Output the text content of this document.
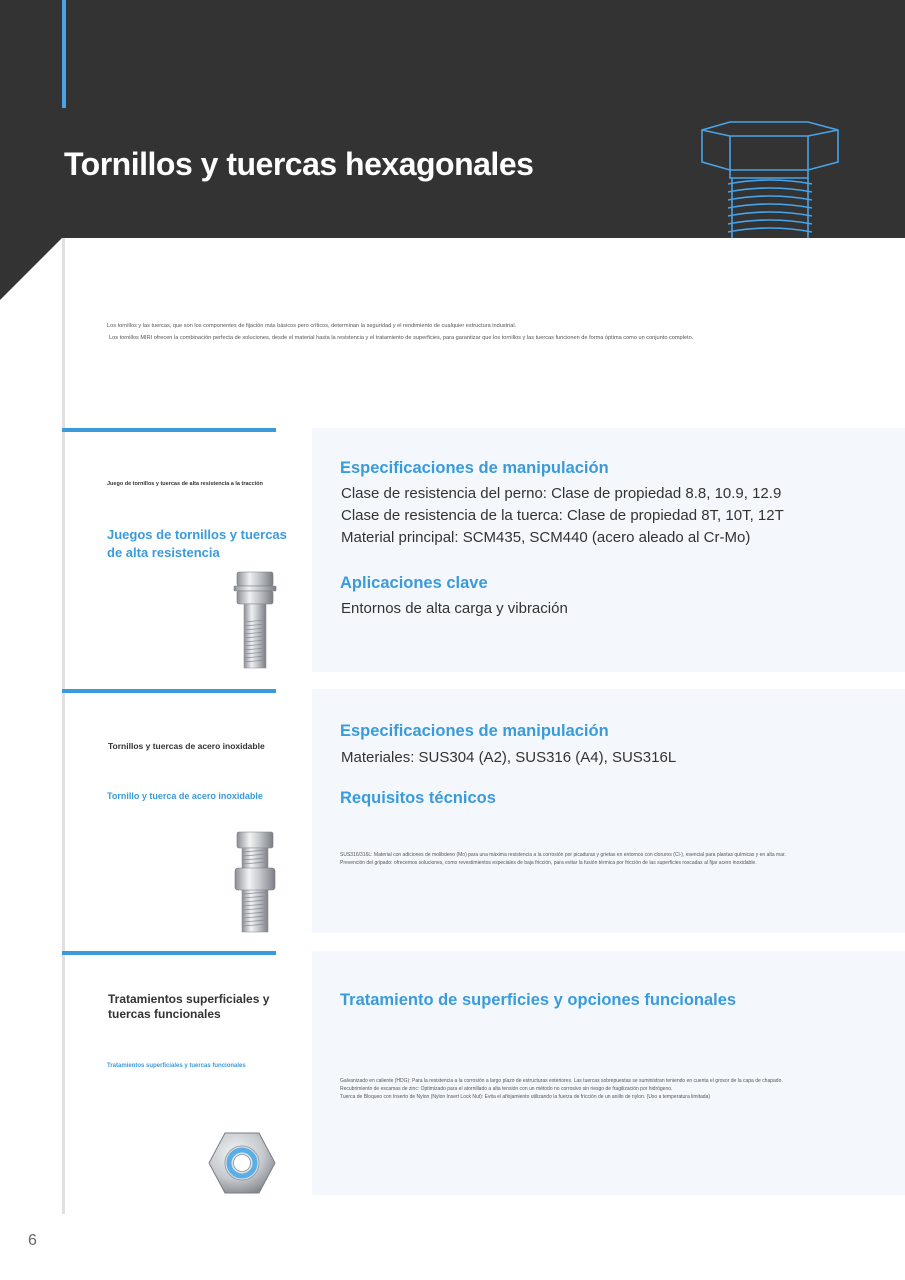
Tornillos y tuercas hexagonales

Los tornillos y las tuercas, que son los componentes de fijación más básicos pero críticos, determinan la seguridad y el rendimiento de cualquier estructura industrial.

Los tornillos MIRI ofrecen la combinación perfecta de soluciones, desde el material hasta la resistencia y el tratamiento de superficies, para garantizar que los tornillos y las tuercas funcionen de forma óptima como un conjunto completo.

Juego de tornillos y tuercas de alta resistencia a la tracción
Juegos de tornillos y tuercas de alta resistencia
Especificaciones de manipulación
Clase de resistencia del perno: Clase de propiedad 8.8, 10.9, 12.9
Clase de resistencia de la tuerca: Clase de propiedad 8T, 10T, 12T
Material principal: SCM435, SCM440 (acero aleado al Cr-Mo)
Aplicaciones clave
Entornos de alta carga y vibración
Tornillos y tuercas de acero inoxidable
Tornillo y tuerca de acero inoxidable
Especificaciones de manipulación
Materiales: SUS304 (A2), SUS316 (A4), SUS316L
Requisitos técnicos
SUS316/316L: Material con adiciones de molibdeno (Mo) para una máxima resistencia a la corrosión por picaduras y grietas en entornos con cloruros (Cl-), esencial para plantas químicas y en alta mar.
Prevención del gripado: ofrecemos soluciones, como revestimientos especiales de baja fricción, para evitar la fusión térmica por fricción de las superficies roscadas al fijar acero inoxidable.
Tratamientos superficiales y tuercas funcionales
Tratamientos superficiales y tuercas funcionales
Tratamiento de superficies y opciones funcionales
Galvanizado en caliente (HDG): Para la resistencia a la corrosión a largo plazo de estructuras exteriores. Las tuercas sobrepuestas se suministran teniendo en cuenta el grosor de la capa de chapado.
Recubrimiento de escamas de zinc: Optimizado para el atornillado a alta tensión con un método no corrosivo sin riesgo de fragilización por hidrógeno.
Tuerca de Bloqueo con Inserto de Nylon (Nylon Insert Lock Nut): Evita el aflojamiento utilizando la fuerza de fricción de un anillo de nylon. (Uso a temperatura limitada)
6
